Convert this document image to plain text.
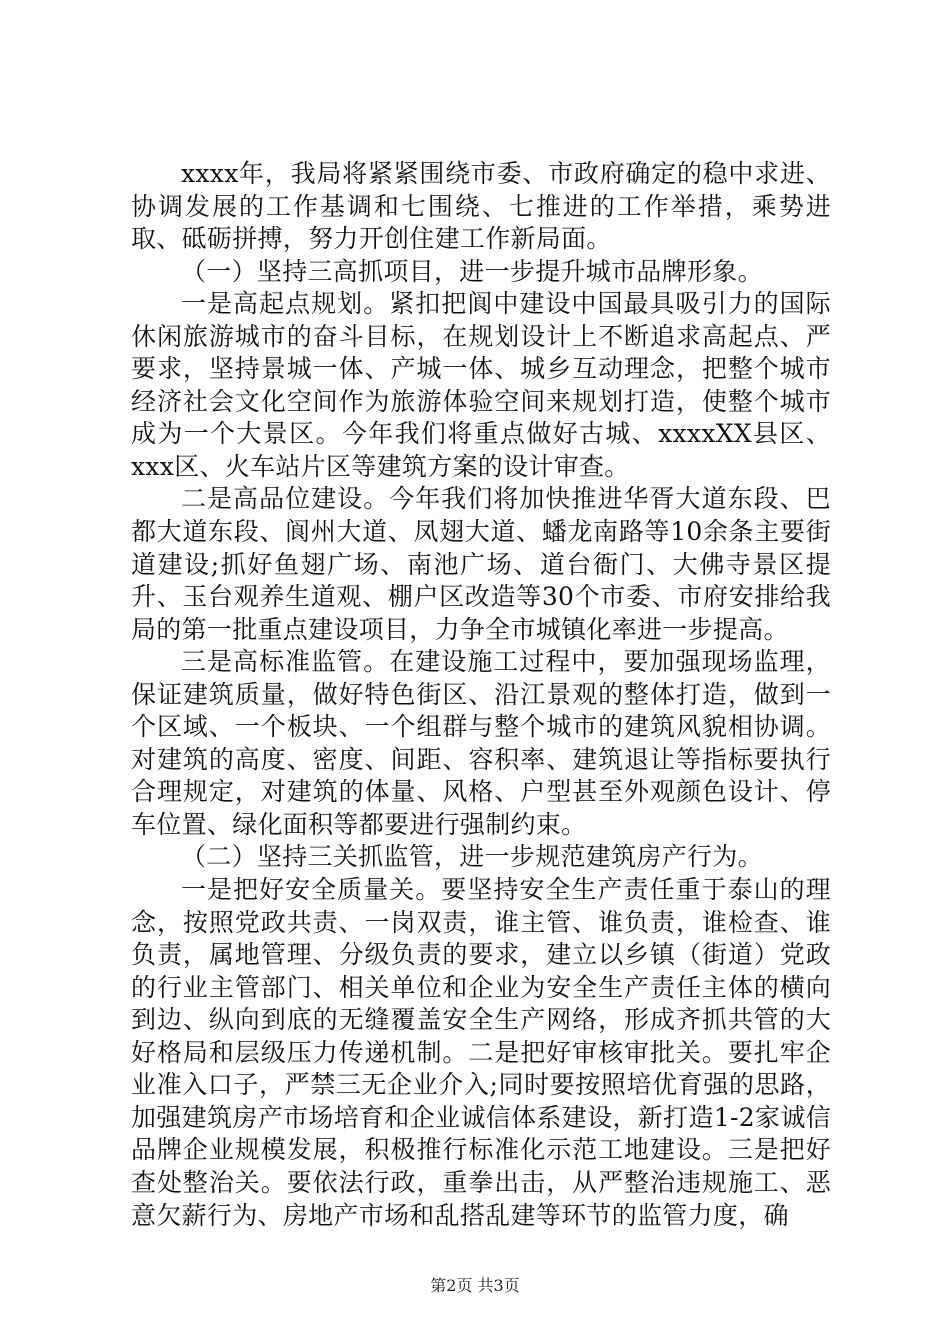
xxxx年，我局将紧紧围绕市委、市政府确定的稳中求进、协调发展的工作基调和七围绕、七推进的工作举措，乘势进取、砥砺拼搏，努力开创住建工作新局面。

（一）坚持三高抓项目，进一步提升城市品牌形象。

一是高起点规划。紧扣把阆中建设中国最具吸引力的国际休闲旅游城市的奋斗目标，在规划设计上不断追求高起点、严要求，坚持景城一体、产城一体、城乡互动理念，把整个城市经济社会文化空间作为旅游体验空间来规划打造，使整个城市成为一个大景区。今年我们将重点做好古城、xxxxXX县区、xxx区、火车站片区等建筑方案的设计审查。

二是高品位建设。今年我们将加快推进华胥大道东段、巴都大道东段、阆州大道、凤翅大道、蟠龙南路等10余条主要街道建设;抓好鱼翅广场、南池广场、道台衙门、大佛寺景区提升、玉台观养生道观、棚户区改造等30个市委、市府安排给我局的第一批重点建设项目，力争全市城镇化率进一步提高。

三是高标准监管。在建设施工过程中，要加强现场监理，保证建筑质量，做好特色街区、沿江景观的整体打造，做到一个区域、一个板块、一个组群与整个城市的建筑风貌相协调。对建筑的高度、密度、间距、容积率、建筑退让等指标要执行合理规定，对建筑的体量、风格、户型甚至外观颜色设计、停车位置、绿化面积等都要进行强制约束。

（二）坚持三关抓监管，进一步规范建筑房产行为。

一是把好安全质量关。要坚持安全生产责任重于泰山的理念，按照党政共责、一岗双责，谁主管、谁负责，谁检查、谁负责，属地管理、分级负责的要求，建立以乡镇（街道）党政的行业主管部门、相关单位和企业为安全生产责任主体的横向到边、纵向到底的无缝覆盖安全生产网络，形成齐抓共管的大好格局和层级压力传递机制。二是把好审核审批关。要扎牢企业准入口子，严禁三无企业介入;同时要按照培优育强的思路，加强建筑房产市场培育和企业诚信体系建设，新打造1-2家诚信品牌企业规模发展，积极推行标准化示范工地建设。三是把好查处整治关。要依法行政，重拳出击，从严整治违规施工、恶意欠薪行为、房地产市场和乱搭乱建等环节的监管力度，确

第2页 共3页
